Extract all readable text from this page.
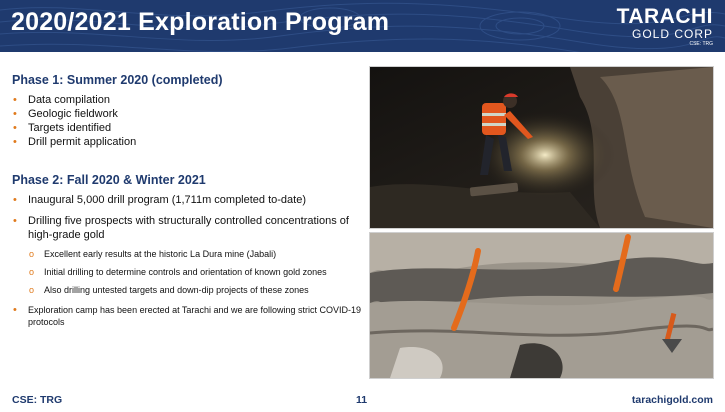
2020/2021 Exploration Program	TARACHI
GOLD CORP
CSE: TRG
Phase 1: Summer 2020 (completed)
• Data compilation
• Geologic fieldwork
• Targets identified
• Drill permit application
Phase 2: Fall 2020 & Winter 2021
• Inaugural 5,000 drill program (1,711m completed to-date)
• Drilling five prospects with structurally controlled concentrations of high-grade gold
o Excellent early results at the historic La Dura mine (Jabali)
o Initial drilling to determine controls and orientation of known gold zones
o Also drilling untested targets and down-dip projects of these zones
• Exploration camp has been erected at Tarachi and we are following strict COVID-19 protocols
CSE: TRG	11	tarachigold.com
